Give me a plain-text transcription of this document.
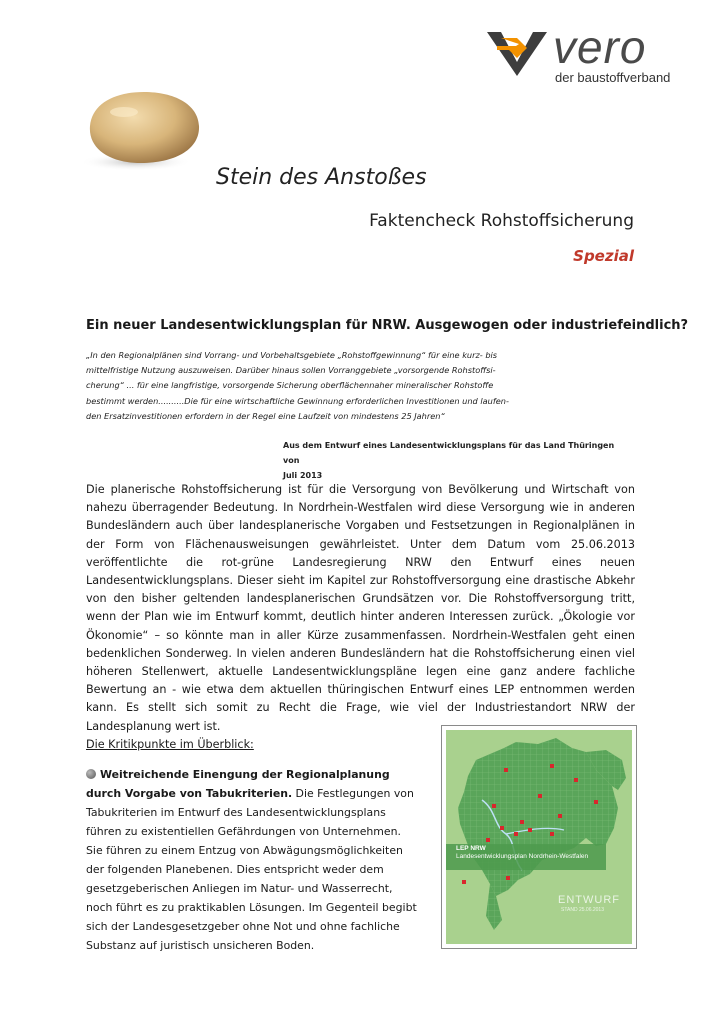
vero
der baustoffverband
Stein des Anstoßes
Faktencheck Rohstoffsicherung
Spezial
Ein neuer Landesentwicklungsplan für NRW. Ausgewogen oder industriefeindlich?
„In den Regionalplänen sind Vorrang- und Vorbehaltsgebiete „Rohstoffgewinnung“ für eine kurz- bis
mittelfristige Nutzung auszuweisen. Darüber hinaus sollen Vorranggebiete „vorsorgende Rohstoffsi-
cherung“ ... für eine langfristige, vorsorgende Sicherung oberflächennaher mineralischer Rohstoffe
bestimmt werden..........Die für eine wirtschaftliche Gewinnung erforderlichen Investitionen und laufen-
den Ersatzinvestitionen erfordern in der Regel eine Laufzeit von mindestens 25 Jahren“
Aus dem Entwurf eines Landesentwicklungsplans für das Land Thüringen von
Juli 2013
Die planerische Rohstoffsicherung ist für die Versorgung von Bevölkerung und Wirtschaft von nahezu überragender Bedeutung. In Nordrhein-Westfalen wird diese Versorgung wie in anderen Bundesländern auch über landesplanerische Vorgaben und Festsetzungen in Regionalplänen in der Form von Flächenausweisungen gewährleistet. Unter dem Datum vom 25.06.2013 veröffentlichte die rot-grüne Landesregierung NRW den Entwurf eines neuen Landesentwicklungsplans. Dieser sieht im Kapitel zur Rohstoffversorgung eine drastische Abkehr von den bisher geltenden landesplanerischen Grundsätzen vor. Die Rohstoffversorgung tritt, wenn der Plan wie im Entwurf kommt, deutlich hinter anderen Interessen zurück. „Ökologie vor Ökonomie“ – so könnte man in aller Kürze zusammenfassen. Nordrhein-Westfalen geht einen bedenklichen Sonderweg. In vielen anderen Bundesländern hat die Rohstoffsicherung einen viel höheren Stellenwert, aktuelle Landesentwicklungspläne legen eine ganz andere fachliche Bewertung an - wie etwa dem aktuellen thüringischen Entwurf eines LEP entnommen werden kann. Es stellt sich somit zu Recht die Frage, wie viel der Industriestandort NRW der Landesplanung wert ist.
Die Kritikpunkte im Überblick:
Weitreichende Einengung der Regionalplanung durch Vorgabe von Tabukriterien. Die Festlegungen von Tabukriterien im Entwurf des Landesentwicklungsplans führen zu existentiellen Gefährdungen von Unternehmen. Sie führen zu einem Entzug von Abwägungsmöglichkeiten der folgenden Planebenen. Dies entspricht weder dem gesetzgeberischen Anliegen im Natur- und Wasserrecht, noch führt es zu praktikablen Lösungen. Im Gegenteil begibt sich der Landesgesetzgeber ohne Not und ohne fachliche Substanz auf juristisch unsicheren Boden.
LEP NRW
Landesentwicklungsplan Nordrhein-Westfalen
ENTWURF
STAND 25.06.2013
